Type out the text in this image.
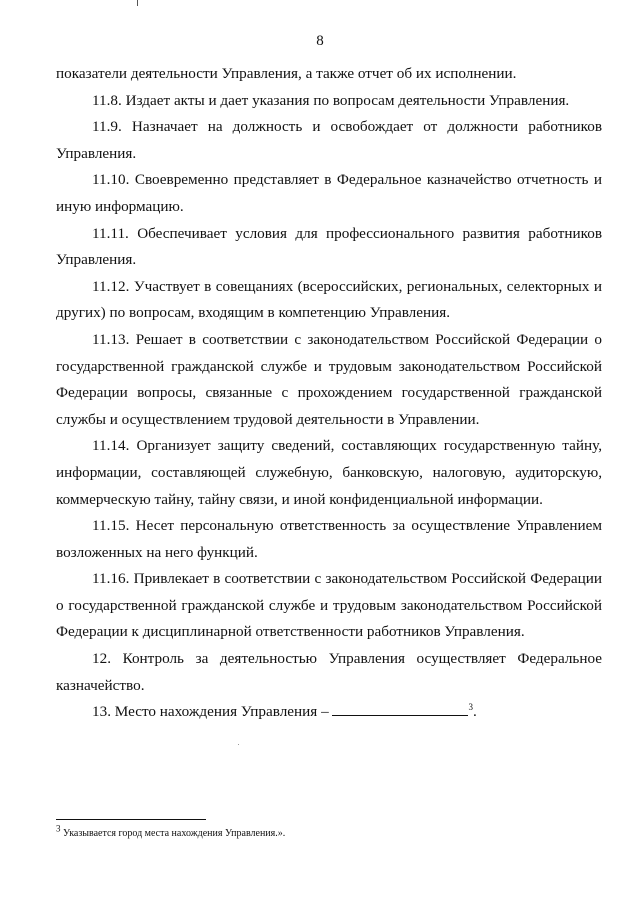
8

показатели деятельности Управления, а также отчет об их исполнении.

11.8. Издает акты и дает указания по вопросам деятельности Управления.

11.9. Назначает на должность и освобождает от должности работников Управления.

11.10. Своевременно представляет в Федеральное казначейство отчетность и иную информацию.

11.11. Обеспечивает условия для профессионального развития работников Управления.

11.12. Участвует в совещаниях (всероссийских, региональных, селекторных и других) по вопросам, входящим в компетенцию Управления.

11.13. Решает в соответствии с законодательством Российской Федерации о государственной гражданской службе и трудовым законодательством Российской Федерации вопросы, связанные с прохождением государственной гражданской службы и осуществлением трудовой деятельности в Управлении.

11.14. Организует защиту сведений, составляющих государственную тайну, информации, составляющей служебную, банковскую, налоговую, аудиторскую, коммерческую тайну, тайну связи, и иной конфиденциальной информации.

11.15. Несет персональную ответственность за осуществление Управлением возложенных на него функций.

11.16. Привлекает в соответствии с законодательством Российской Федерации о государственной гражданской службе и трудовым законодательством Российской Федерации к дисциплинарной ответственности работников Управления.

12. Контроль за деятельностью Управления осуществляет Федеральное казначейство.

13. Место нахождения Управления –	$^3$.

$^3$ Указывается город места нахождения Управления.».
